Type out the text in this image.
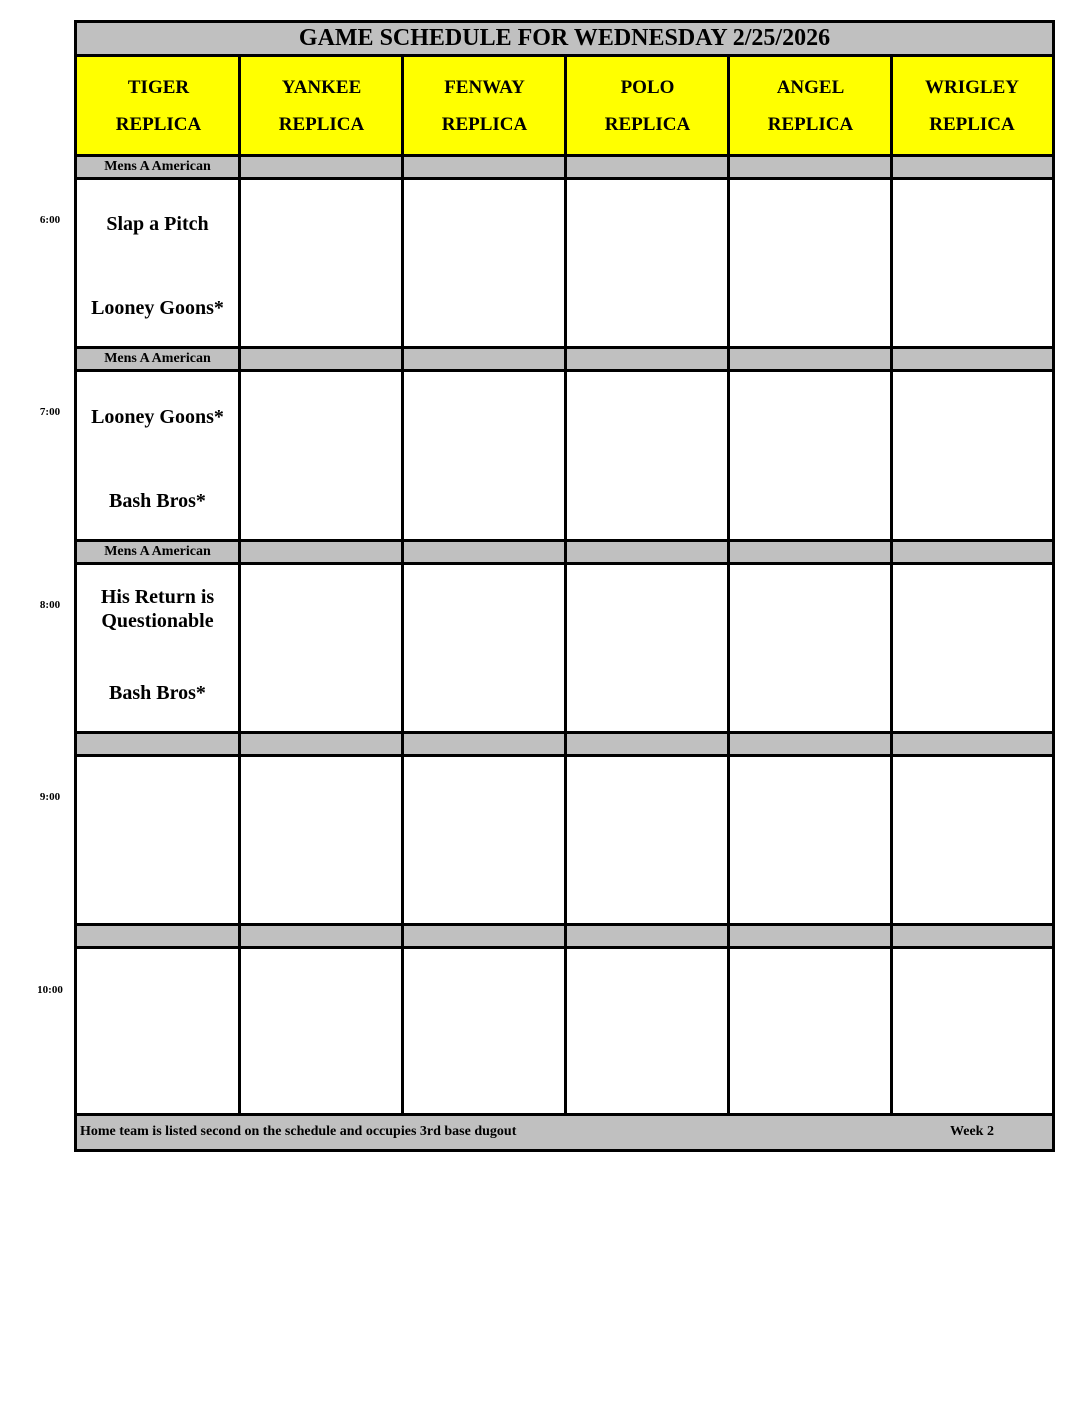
GAME SCHEDULE FOR WEDNESDAY 2/25/2026
TIGER
REPLICA
YANKEE
REPLICA
FENWAY
REPLICA
POLO
REPLICA
ANGEL
REPLICA
WRIGLEY
REPLICA
Mens A American
Mens A American
Mens A American
Slap a Pitch
Looney Goons*
Looney Goons*
Bash Bros*
His Return is Questionable
Bash Bros*
Home team is listed second on the schedule and occupies 3rd base dugout	Week 2
6:00
7:00
8:00
9:00
10:00
